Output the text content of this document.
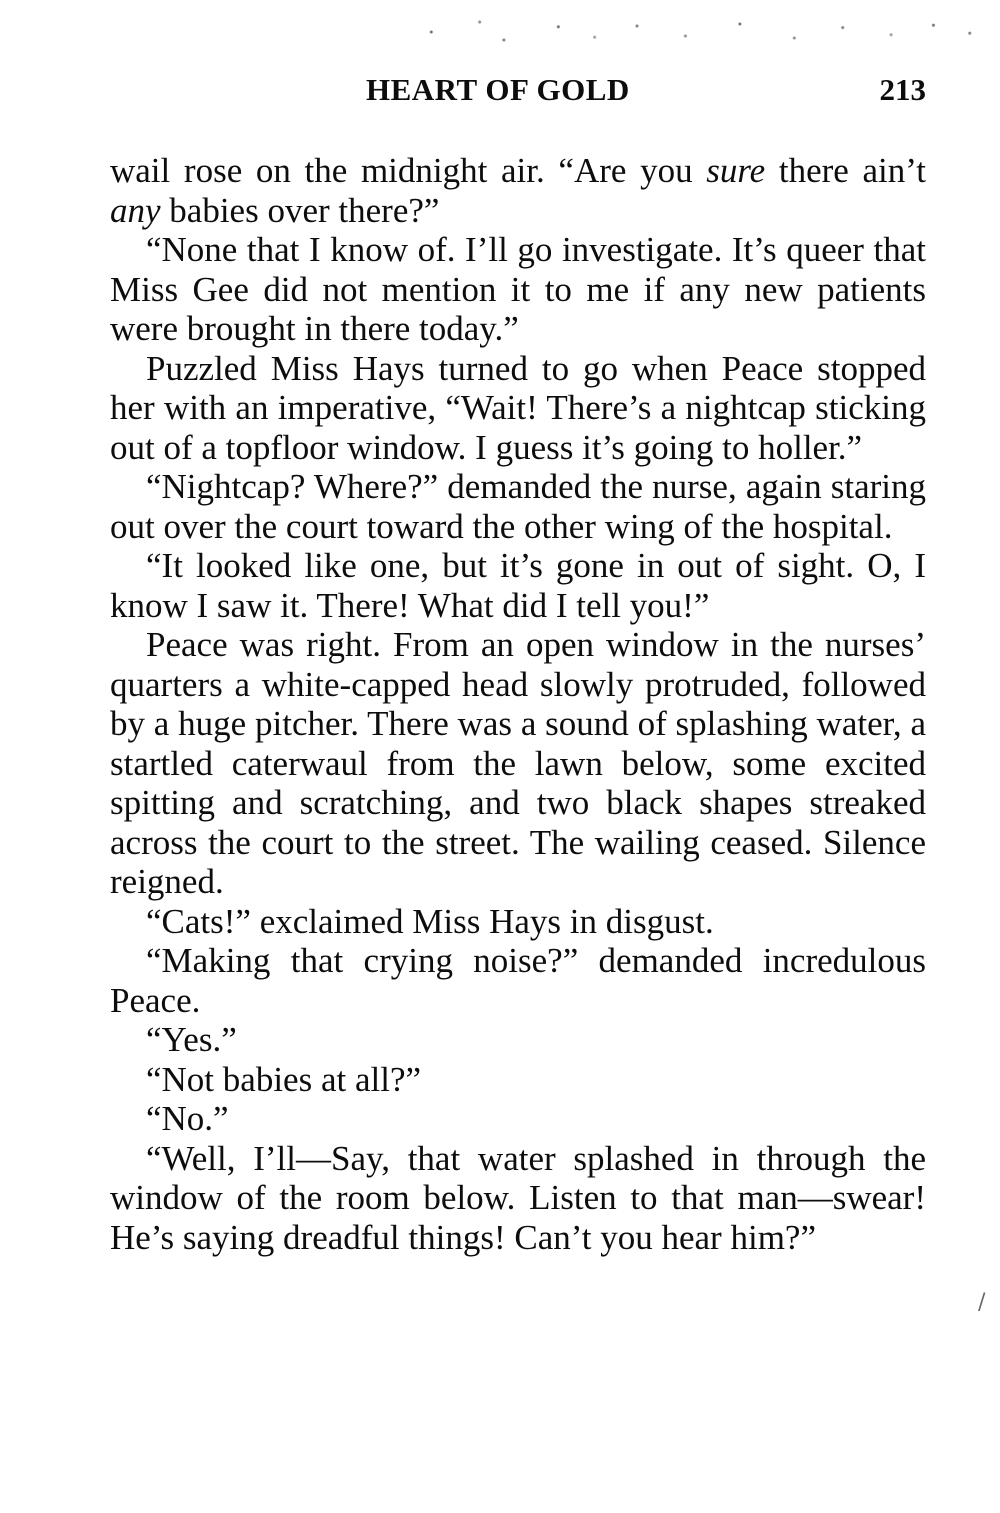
HEART OF GOLD	213

wail rose on the midnight air. “Are you sure there ain’t any babies over there?”

“None that I know of. I’ll go investigate. It’s queer that Miss Gee did not mention it to me if any new patients were brought in there today.”

Puzzled Miss Hays turned to go when Peace stopped her with an imperative, “Wait! There’s a nightcap sticking out of a topfloor window. I guess it’s going to holler.”

“Nightcap? Where?” demanded the nurse, again staring out over the court toward the other wing of the hospital.

“It looked like one, but it’s gone in out of sight. O, I know I saw it. There! What did I tell you!”

Peace was right. From an open window in the nurses’ quarters a white-capped head slowly protruded, followed by a huge pitcher. There was a sound of splashing water, a startled caterwaul from the lawn below, some excited spitting and scratching, and two black shapes streaked across the court to the street. The wailing ceased. Silence reigned.

“Cats!” exclaimed Miss Hays in disgust.

“Making that crying noise?” demanded incredulous Peace.

“Yes.”

“Not babies at all?”

“No.”

“Well, I’ll—Say, that water splashed in through the window of the room below. Listen to that man—swear! He’s saying dreadful things! Can’t you hear him?”

/
